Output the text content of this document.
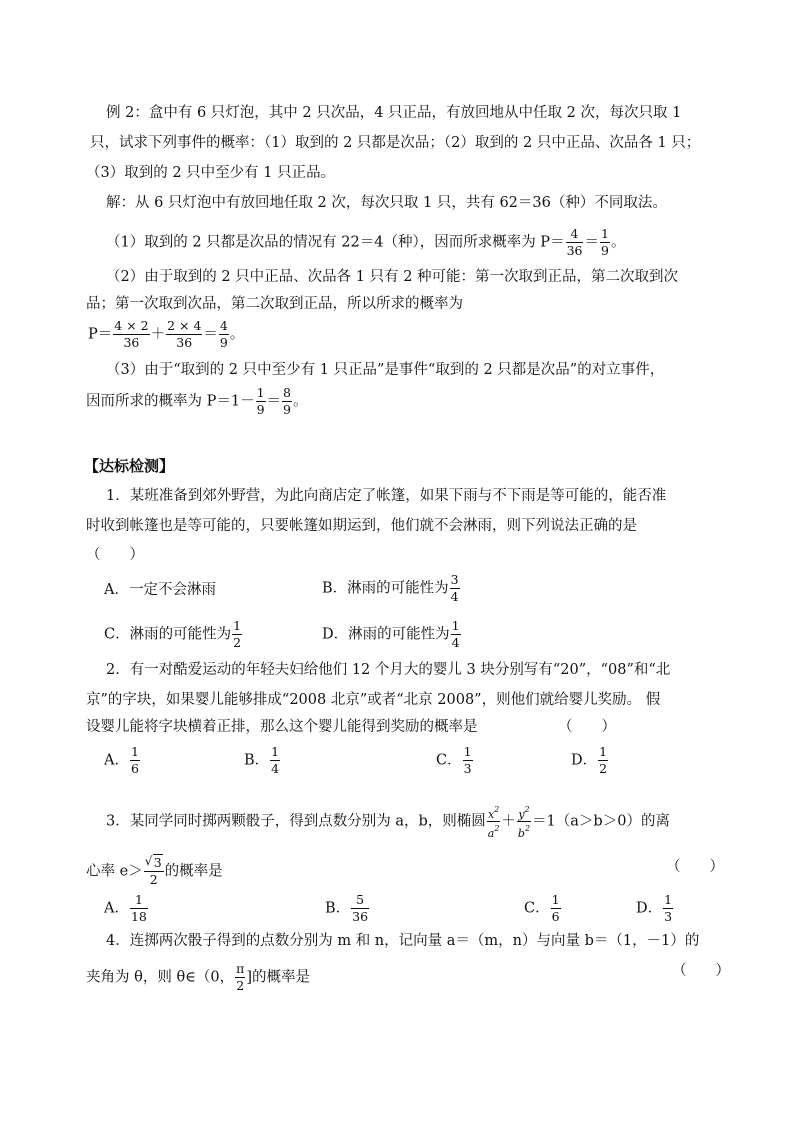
例 2：盒中有 6 只灯泡，其中 2 只次品，4 只正品，有放回地从中任取 2 次，每次只取 1
只，试求下列事件的概率：（1）取到的 2 只都是次品；（2）取到的 2 只中正品、次品各 1 只；
（3）取到的 2 只中至少有 1 只正品。
解：从 6 只灯泡中有放回地任取 2 次，每次只取 1 只，共有 62＝36（种）不同取法。
（1）取到的 2 只都是次品的情况有 22＝4（种），因而所求概率为 $P= \frac{4}{36} = \frac{1}{9}$ 。
（2）由于取到的 2 只中正品、次品各 1 只有 2 种可能：第一次取到正品，第二次取到次
品；第一次取到次品，第二次取到正品，所以所求的概率为
$P= \frac{4 \times 2}{36} + \frac{2 \times 4}{36} = \frac{4}{9}$ 。
（3）由于“取到的 2 只中至少有 1 只正品”是事件“取到的 2 只都是次品”的对立事件，
因而所求的概率为 $P=1- \frac{1}{9} = \frac{8}{9}$ 。
【达标检测】
1．某班准备到郊外野营，为此向商店定了帐篷，如果下雨与不下雨是等可能的，能否准
时收到帐篷也是等可能的，只要帐篷如期运到，他们就不会淋雨，则下列说法正确的是
（　　）
A．一定不会淋雨	B．淋雨的可能性为 $\frac{3}{4}$
C．淋雨的可能性为 $\frac{1}{2}$	D．淋雨的可能性为 $\frac{1}{4}$
2．有一对酷爱运动的年轻夫妇给他们 12 个月大的婴儿 3 块分别写有“20”，“08”和“北
京”的字块，如果婴儿能够排成“2008 北京”或者“北京 2008”，则他们就给婴儿奖励。 假
设婴儿能将字块横着正排，那么这个婴儿能得到奖励的概率是	（　　）
A． $\frac{1}{6}$	B． $\frac{1}{4}$	C． $\frac{1}{3}$	D． $\frac{1}{2}$
3．某同学同时掷两颗骰子，得到点数分别为 a，b，则椭圆 $\frac{x^2}{a^2} + \frac{y^2}{b^2} =1(a>b>0)$的离
心率 $e> \frac{√ 3}{2}$ 的概率是	（　　）
A． $\frac{1}{18}$	B． $\frac{5}{36}$	C． $\frac{1}{6}$	D． $\frac{1}{3}$
4．连掷两次骰子得到的点数分别为 m 和 n，记向量 a＝（m，n）与向量 b＝（1，－1）的
夹角为 θ，则 θ∈（0， $\frac{\pi}{2}$ ]的概率是	（　　）
